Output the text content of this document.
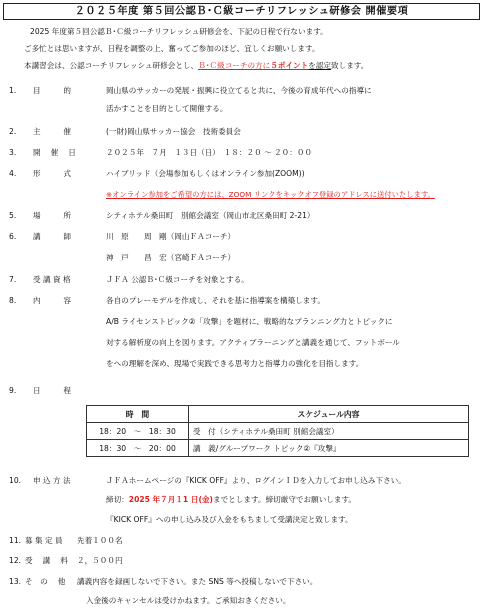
２０２５年度 第５回公認Ｂ･Ｃ級コーチリフレッシュ研修会 開催要項
2025 年度第５回公認Ｂ･Ｃ級コーチリフレッシュ研修会を、下記の日程で行ないます。
ご多忙とは思いますが、日程を調整の上、奮ってご参加のほど、宜しくお願いします。
本講習会は、公認コーチリフレッシュ研修会とし、Ｂ･Ｃ級コーチの方に５ポイントを認定致します。
1. 目　　　的	岡山県のサッカーの発展・振興に役立てると共に、今後の育成年代への指導に
活かすことを目的として開催する。
2. 主　　　催	(一財)岡山県サッカー協会　技術委員会
3. 開　 催　 日	２０２５年　７月　１３日（日）　１８：２０ ～ ２０：００
4. 形　　　式	ハイブリッド（会場参加もしくはオンライン参加(ZOOM))
※オンライン参加をご希望の方には、ZOOM リンクをキックオフ登録のアドレスに送付いたします。
5. 場　　　所	シティホテル桑田町　別館会議室（岡山市北区桑田町 2-21）
6. 講　　　師	川　原　　周　剛（岡山ＦＡコーチ）
神　戸　　昌　宏（宮崎ＦＡコーチ）
7. 受 講 資 格	ＪＦＡ 公認Ｂ･Ｃ級コーチを対象とする。
8. 内　　　容	各自のプレーモデルを作成し、それを基に指導案を構築します。
A/B ライセンストピック②「攻撃」を題材に、戦略的なプランニング力とトピックに
対する解析度の向上を図ります。アクティブラーニングと講義を通じて、フットボール
をへの理解を深め、現場で実践できる思考力と指導力の強化を目指します。
9. 日　　　程
時　間	スケジュール内容
18：20　～　18：30	受　付（シティホテル桑田町 別館会議室）
18：30　～　20：00	講　義/グループワーク トピック②『攻撃』
10. 申 込 方 法	ＪＦＡホームページの『KICK OFF』より、ログインＩＤを入力してお申し込み下さい。
締切：2025 年７月１1 日(金)までとします。締切厳守でお願いします。
『KICK OFF』への申し込み及び入金をもちまして受講決定と致します。
11. 募 集 定 員 先着１００名
12. 受　 講　 料 ２，５００円
13. そ　の　 他 講義内容を録画しないで下さい。また SNS 等へ投稿しないで下さい。
入金後のキャンセルは受けかねます。ご承知おきください。
